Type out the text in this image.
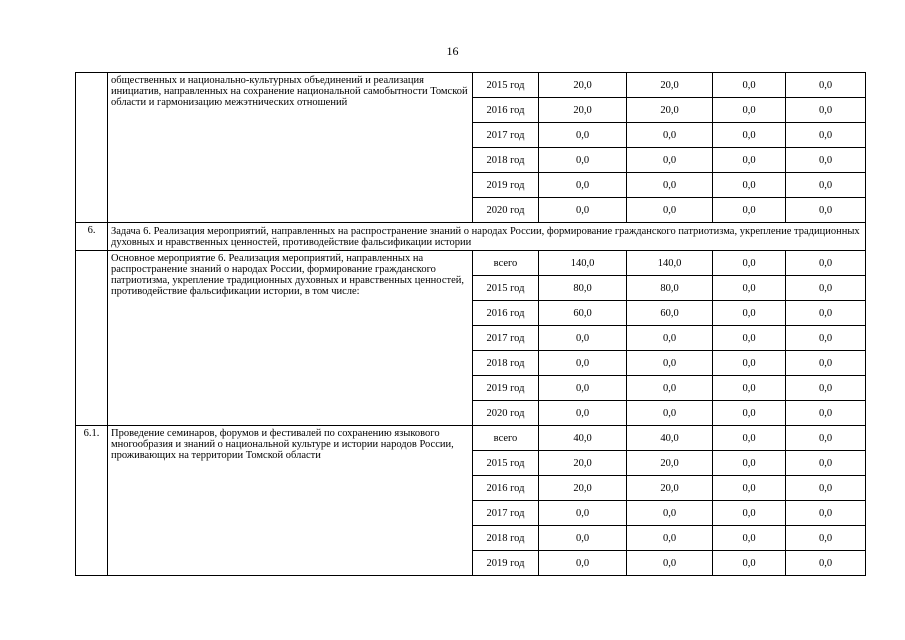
16
	общественных и национально-культурных объединений и реализация инициатив, направленных на сохранение национальной самобытности Томской области и гармонизацию межэтнических отношений	2015 год	20,0	20,0	0,0	0,0
		2016 год	20,0	20,0	0,0	0,0
		2017 год	0,0	0,0	0,0	0,0
		2018 год	0,0	0,0	0,0	0,0
		2019 год	0,0	0,0	0,0	0,0
		2020 год	0,0	0,0	0,0	0,0
6.	Задача 6. Реализация мероприятий, направленных на распространение знаний о народах России, формирование гражданского патриотизма, укрепление традиционных духовных и нравственных ценностей, противодействие фальсификации истории					
	Основное мероприятие 6. Реализация мероприятий, направленных на распространение знаний о народах России, формирование гражданского патриотизма, укрепление традиционных духовных и нравственных ценностей, противодействие фальсификации истории, в том числе:	всего	140,0	140,0	0,0	0,0
		2015 год	80,0	80,0	0,0	0,0
		2016 год	60,0	60,0	0,0	0,0
		2017 год	0,0	0,0	0,0	0,0
		2018 год	0,0	0,0	0,0	0,0
		2019 год	0,0	0,0	0,0	0,0
		2020 год	0,0	0,0	0,0	0,0
6.1.	Проведение семинаров, форумов и фестивалей по сохранению языкового многообразия и знаний о национальной культуре и истории народов России, проживающих на территории Томской области	всего	40,0	40,0	0,0	0,0
		2015 год	20,0	20,0	0,0	0,0
		2016 год	20,0	20,0	0,0	0,0
		2017 год	0,0	0,0	0,0	0,0
		2018 год	0,0	0,0	0,0	0,0
		2019 год	0,0	0,0	0,0	0,0
